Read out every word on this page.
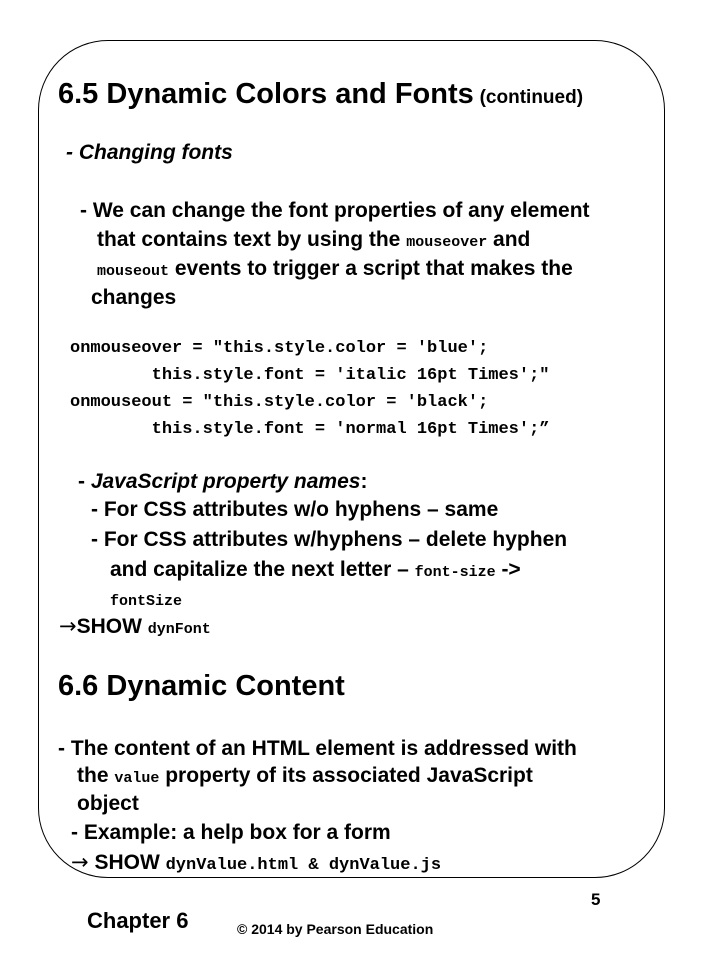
6.5 Dynamic Colors and Fonts (continued)
- Changing fonts
- We can change the font properties of any element
that contains text by using the mouseover and
mouseout events to trigger a script that makes the
changes
onmouseover = "this.style.color = 'blue';
this.style.font = 'italic 16pt Times';"
onmouseout = "this.style.color = 'black';
this.style.font = 'normal 16pt Times';”
- JavaScript property names:
- For CSS attributes w/o hyphens – same
- For CSS attributes w/hyphens – delete hyphen
and capitalize the next letter – font-size ->
fontSize
→SHOW dynFont
6.6 Dynamic Content
- The content of an HTML element is addressed with
the value property of its associated JavaScript
object
- Example: a help box for a form
→ SHOW dynValue.html & dynValue.js
Chapter 6	© 2014 by Pearson Education
5
